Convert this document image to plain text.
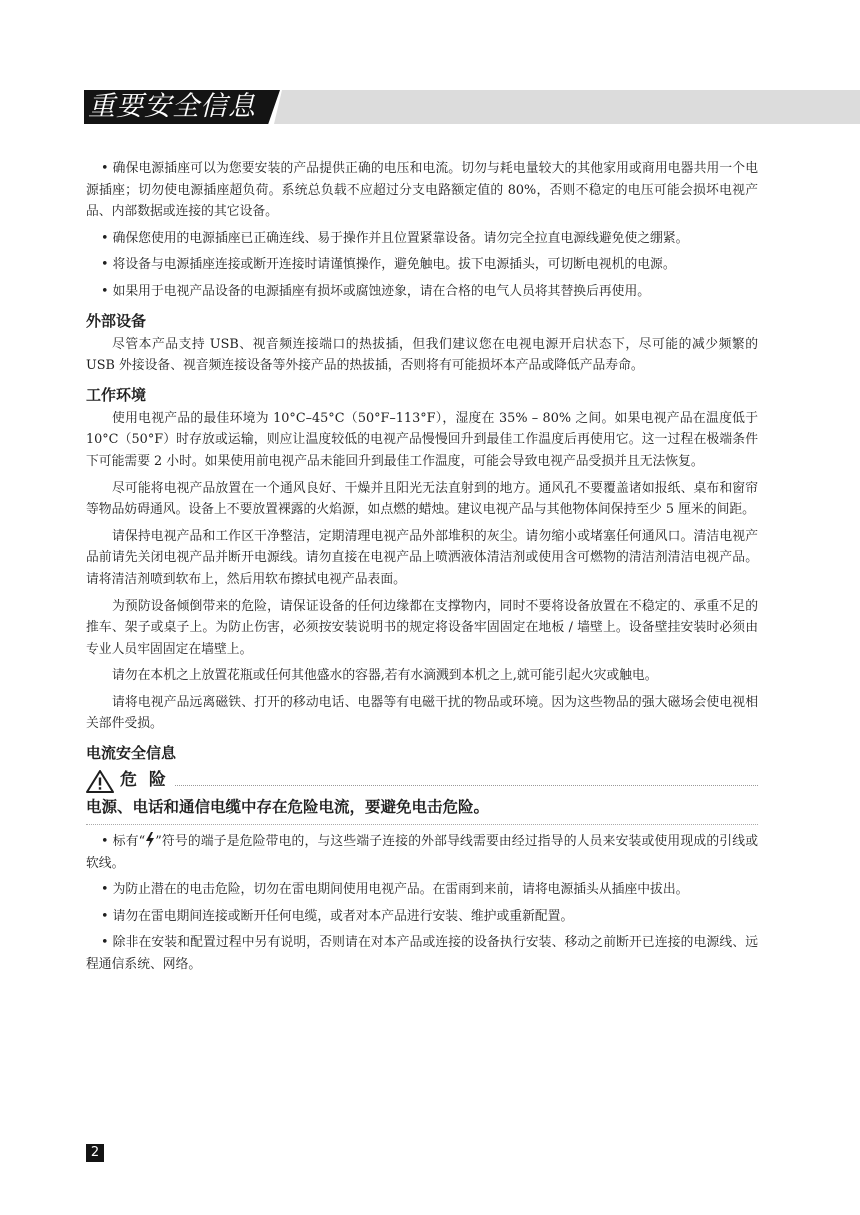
重要安全信息

• 确保电源插座可以为您要安装的产品提供正确的电压和电流。切勿与耗电量较大的其他家用或商用电器共用一个电源插座；切勿使电源插座超负荷。系统总负载不应超过分支电路额定值的 80%，否则不稳定的电压可能会损坏电视产品、内部数据或连接的其它设备。

• 确保您使用的电源插座已正确连线、易于操作并且位置紧靠设备。请勿完全拉直电源线避免使之绷紧。

• 将设备与电源插座连接或断开连接时请谨慎操作，避免触电。拔下电源插头，可切断电视机的电源。

• 如果用于电视产品设备的电源插座有损坏或腐蚀迹象，请在合格的电气人员将其替换后再使用。

外部设备

尽管本产品支持 USB、视音频连接端口的热拔插，但我们建议您在电视电源开启状态下，尽可能的减少频繁的 USB 外接设备、视音频连接设备等外接产品的热拔插，否则将有可能损坏本产品或降低产品寿命。

工作环境

使用电视产品的最佳环境为 10°C–45°C（50°F–113°F），湿度在 35% – 80% 之间。如果电视产品在温度低于 10°C（50°F）时存放或运输，则应让温度较低的电视产品慢慢回升到最佳工作温度后再使用它。这一过程在极端条件下可能需要 2 小时。如果使用前电视产品未能回升到最佳工作温度，可能会导致电视产品受损并且无法恢复。

尽可能将电视产品放置在一个通风良好、干燥并且阳光无法直射到的地方。通风孔不要覆盖诸如报纸、桌布和窗帘等物品妨碍通风。设备上不要放置裸露的火焰源，如点燃的蜡烛。建议电视产品与其他物体间保持至少 5 厘米的间距。

请保持电视产品和工作区干净整洁，定期清理电视产品外部堆积的灰尘。请勿缩小或堵塞任何通风口。清洁电视产品前请先关闭电视产品并断开电源线。请勿直接在电视产品上喷洒液体清洁剂或使用含可燃物的清洁剂清洁电视产品。请将清洁剂喷到软布上，然后用软布擦拭电视产品表面。

为预防设备倾倒带来的危险，请保证设备的任何边缘都在支撑物内，同时不要将设备放置在不稳定的、承重不足的推车、架子或桌子上。为防止伤害，必须按安装说明书的规定将设备牢固固定在地板 / 墙壁上。设备壁挂安装时必须由专业人员牢固固定在墙壁上。

请勿在本机之上放置花瓶或任何其他盛水的容器,若有水滴溅到本机之上,就可能引起火灾或触电。

请将电视产品远离磁铁、打开的移动电话、电器等有电磁干扰的物品或环境。因为这些物品的强大磁场会使电视相关部件受损。

电流安全信息
危 险
电源、电话和通信电缆中存在危险电流，要避免电击危险。

• 标有“ ”符号的端子是危险带电的，与这些端子连接的外部导线需要由经过指导的人员来安装或使用现成的引线或软线。

• 为防止潜在的电击危险，切勿在雷电期间使用电视产品。在雷雨到来前，请将电源插头从插座中拔出。

• 请勿在雷电期间连接或断开任何电缆，或者对本产品进行安装、维护或重新配置。

• 除非在安装和配置过程中另有说明，否则请在对本产品或连接的设备执行安装、移动之前断开已连接的电源线、远程通信系统、网络。

2
